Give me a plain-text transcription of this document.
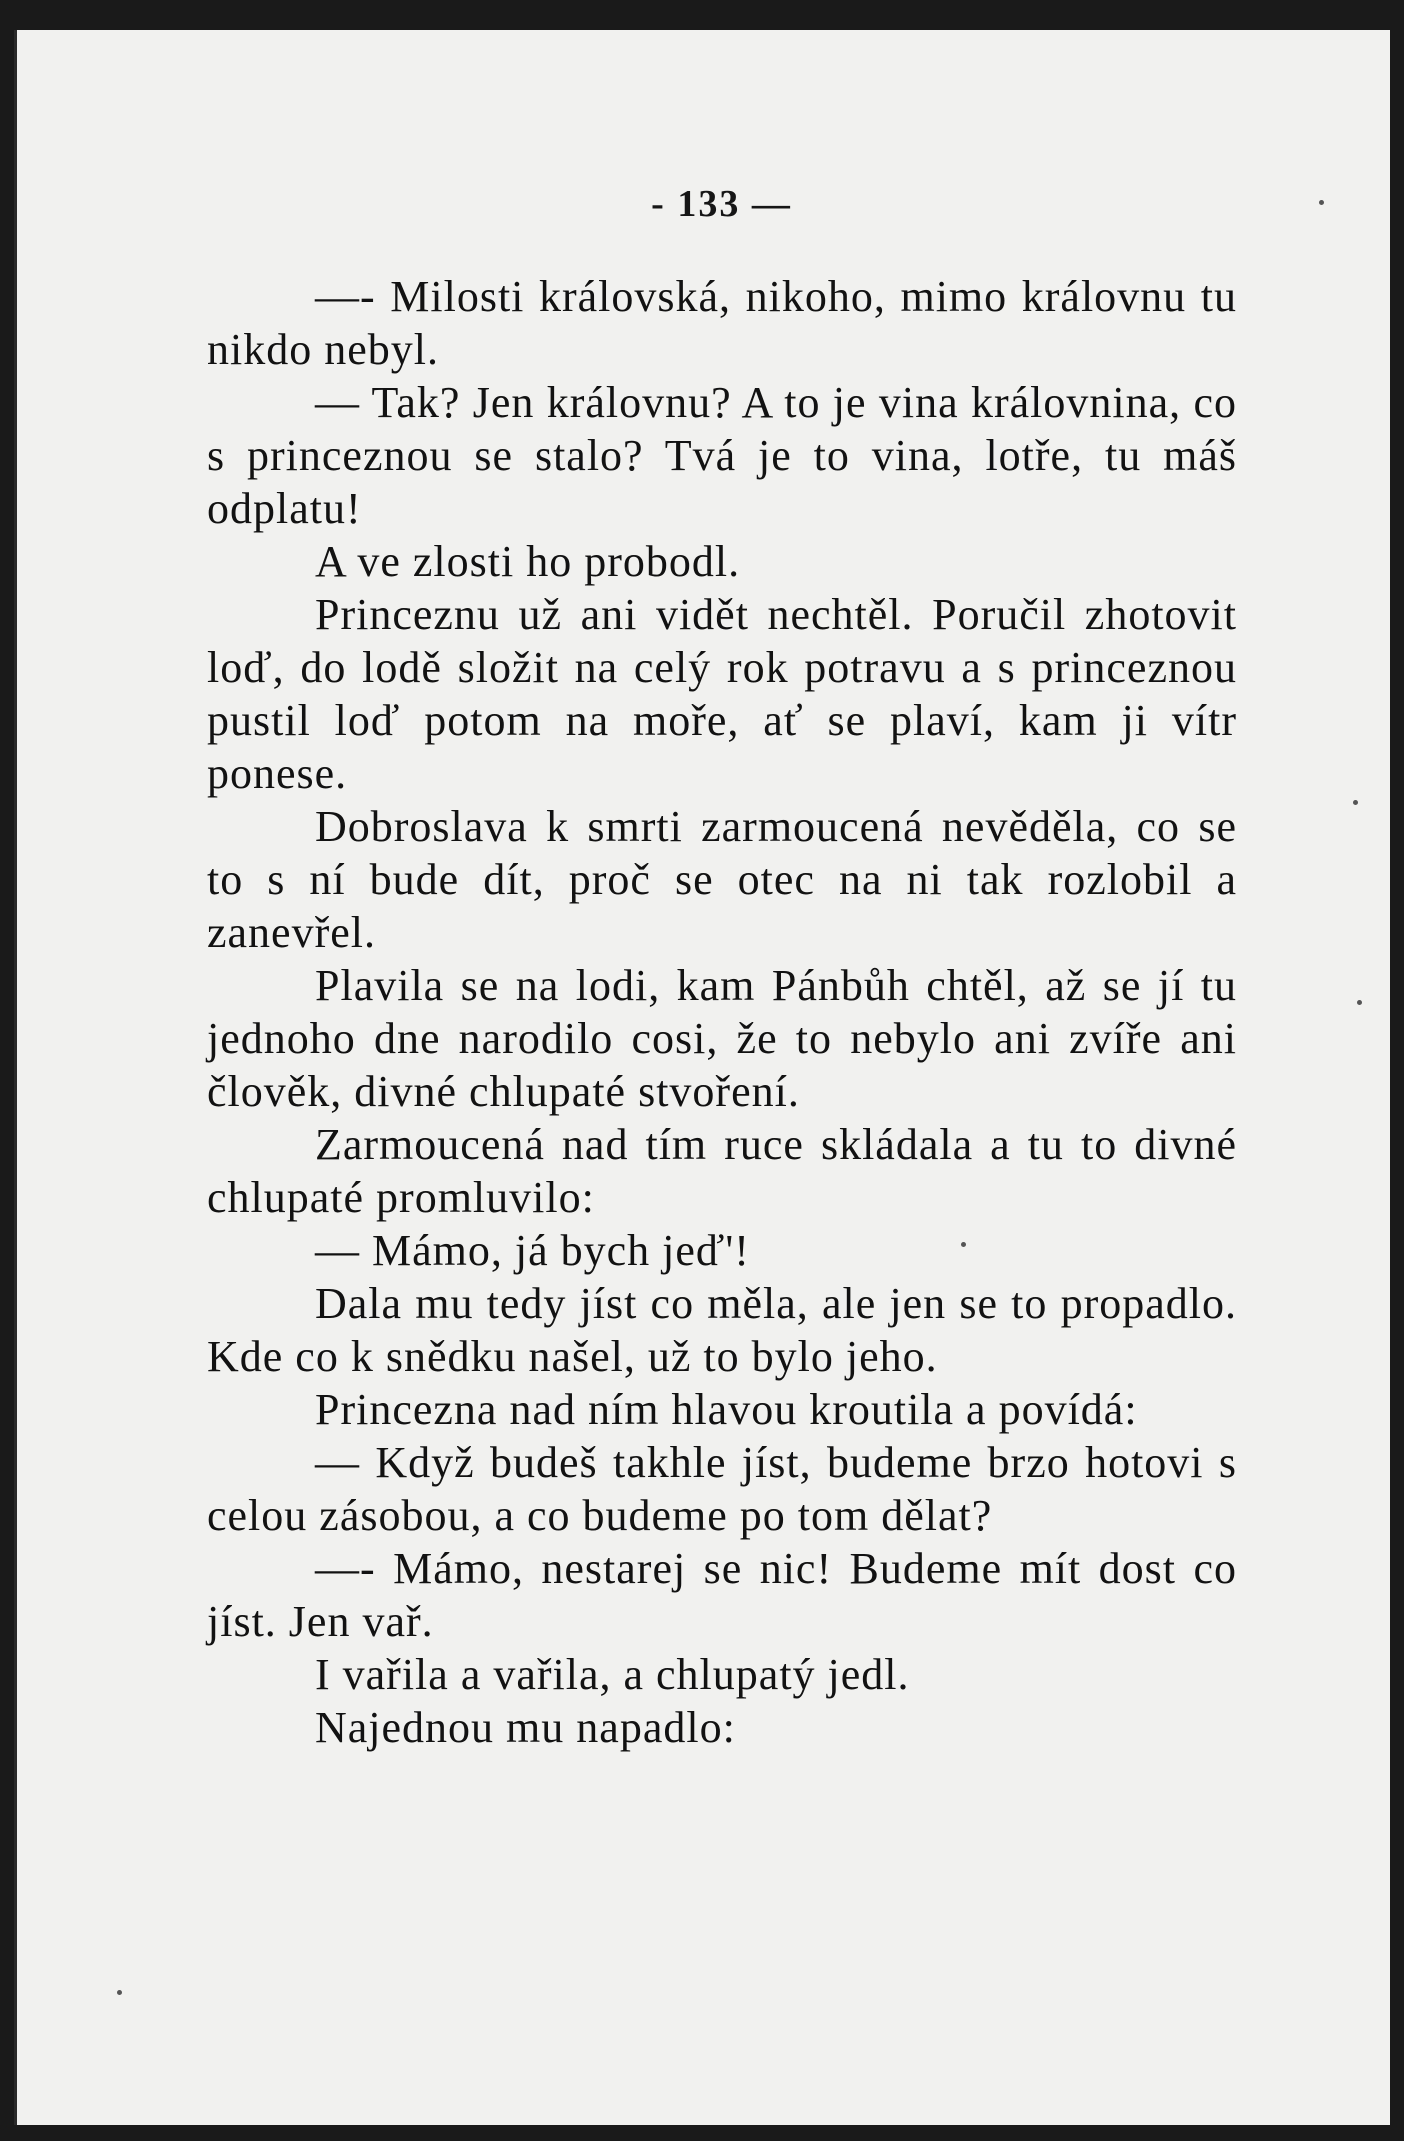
- 133 —

—- Milosti královská, nikoho, mimo královnu tu nikdo nebyl.

— Tak? Jen královnu? A to je vina královnina, co s princeznou se stalo? Tvá je to vina, lotře, tu máš odplatu!

A ve zlosti ho probodl.

Princeznu už ani vidět nechtěl. Poručil zhotovit loď, do lodě složit na celý rok potravu a s princeznou pustil loď potom na moře, ať se plaví, kam ji vítr ponese.

Dobroslava k smrti zarmoucená nevěděla, co se to s ní bude dít, proč se otec na ni tak rozlobil a zanevřel.

Plavila se na lodi, kam Pánbůh chtěl, až se jí tu jednoho dne narodilo cosi, že to nebylo ani zvíře ani člověk, divné chlupaté stvoření.

Zarmoucená nad tím ruce skládala a tu to divné chlupaté promluvilo:

— Mámo, já bych jeď'!

Dala mu tedy jíst co měla, ale jen se to propadlo. Kde co k snědku našel, už to bylo jeho.

Princezna nad ním hlavou kroutila a povídá:

— Když budeš takhle jíst, budeme brzo hotovi s celou zásobou, a co budeme po tom dělat?

—- Mámo, nestarej se nic! Budeme mít dost co jíst. Jen vař.

I vařila a vařila, a chlupatý jedl.

Najednou mu napadlo:
